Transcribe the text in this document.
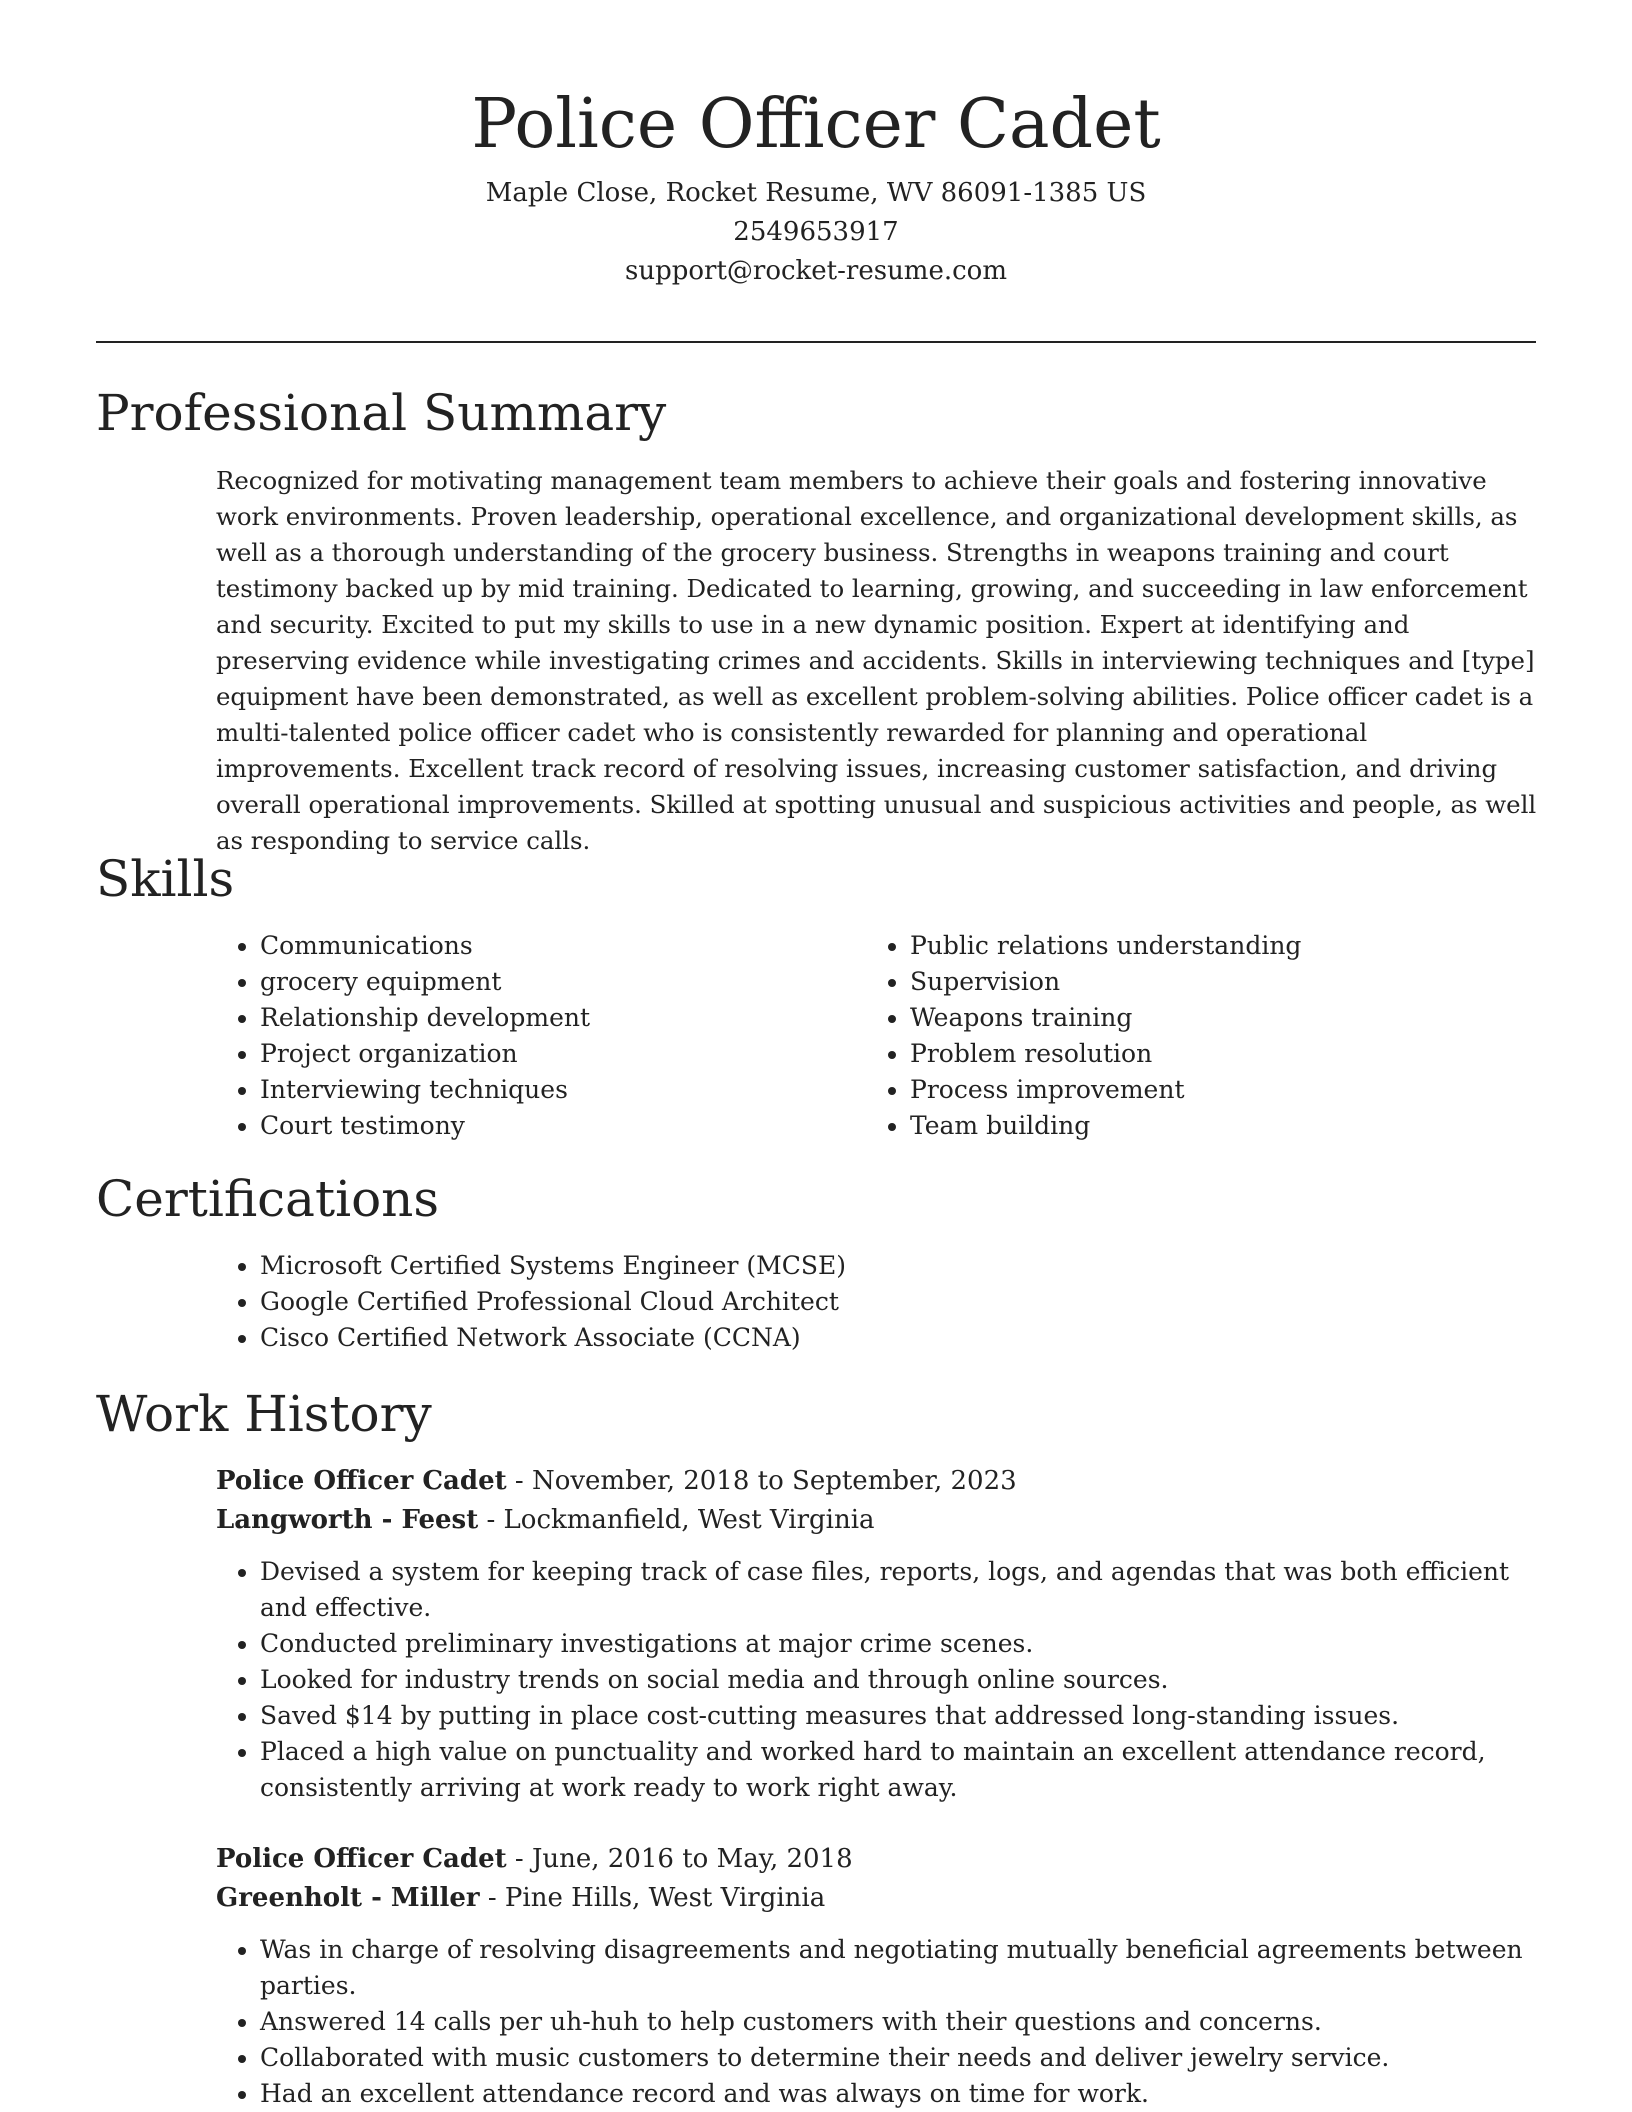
Police Officer Cadet
Maple Close, Rocket Resume, WV 86091-1385 US
2549653917
support@rocket-resume.com
Professional Summary

Recognized for motivating management team members to achieve their goals and fostering innovative work environments. Proven leadership, operational excellence, and organizational development skills, as well as a thorough understanding of the grocery business. Strengths in weapons training and court testimony backed up by mid training. Dedicated to learning, growing, and succeeding in law enforcement and security. Excited to put my skills to use in a new dynamic position. Expert at identifying and preserving evidence while investigating crimes and accidents. Skills in interviewing techniques and [type] equipment have been demonstrated, as well as excellent problem-solving abilities. Police officer cadet is a multi-talented police officer cadet who is consistently rewarded for planning and operational improvements. Excellent track record of resolving issues, increasing customer satisfaction, and driving overall operational improvements. Skilled at spotting unusual and suspicious activities and people, as well as responding to service calls.

Skills
• Communications
• grocery equipment
• Relationship development
• Project organization
• Interviewing techniques
• Court testimony
• Public relations understanding
• Supervision
• Weapons training
• Problem resolution
• Process improvement
• Team building
Certifications
• Microsoft Certified Systems Engineer (MCSE)
• Google Certified Professional Cloud Architect
• Cisco Certified Network Associate (CCNA)
Work History
Police Officer Cadet - November, 2018 to September, 2023
Langworth - Feest - Lockmanfield, West Virginia
• Devised a system for keeping track of case files, reports, logs, and agendas that was both efficient and effective.
• Conducted preliminary investigations at major crime scenes.
• Looked for industry trends on social media and through online sources.
• Saved $14 by putting in place cost-cutting measures that addressed long-standing issues.
• Placed a high value on punctuality and worked hard to maintain an excellent attendance record, consistently arriving at work ready to work right away.
Police Officer Cadet - June, 2016 to May, 2018
Greenholt - Miller - Pine Hills, West Virginia
• Was in charge of resolving disagreements and negotiating mutually beneficial agreements between parties.
• Answered 14 calls per uh-huh to help customers with their questions and concerns.
• Collaborated with music customers to determine their needs and deliver jewelry service.
• Had an excellent attendance record and was always on time for work.
